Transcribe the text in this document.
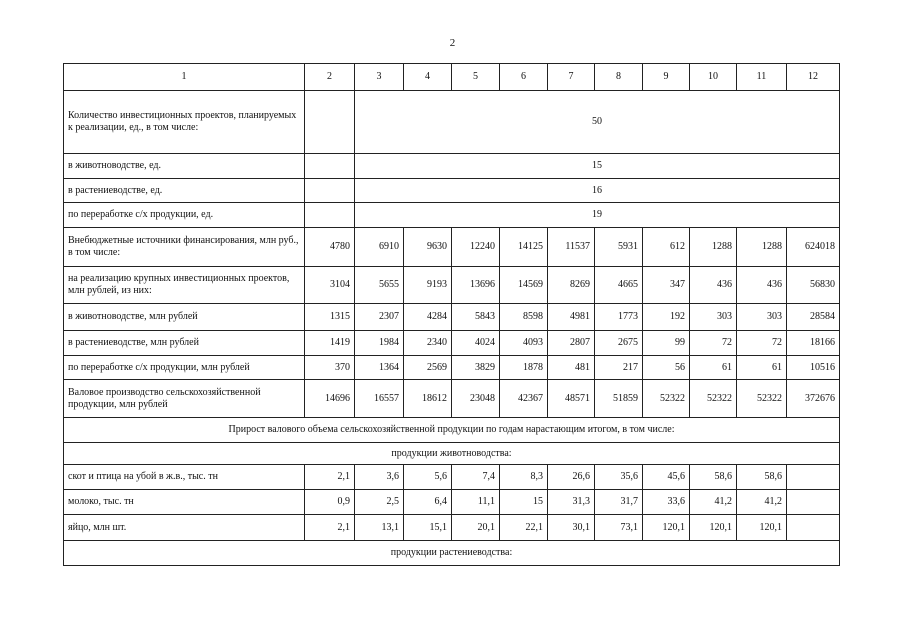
2
1	2	3	4	5	6	7	8	9	10	11	12
Количество инвестиционных проектов, планируемых к реализации, ед., в том числе:		50									
в животноводстве, ед.		15									
в растениеводстве, ед.		16									
по переработке с/х продукции, ед.		19									
Внебюджетные источники финансирования, млн руб., в том числе:	4780	6910	9630	12240	14125	11537	5931	612	1288	1288	624018
на реализацию крупных инвестиционных проектов, млн рублей, из них:	3104	5655	9193	13696	14569	8269	4665	347	436	436	56830
в животноводстве, млн рублей	1315	2307	4284	5843	8598	4981	1773	192	303	303	28584
в растениеводстве, млн рублей	1419	1984	2340	4024	4093	2807	2675	99	72	72	18166
по переработке с/х продукции, млн рублей	370	1364	2569	3829	1878	481	217	56	61	61	10516
Валовое производство сельскохозяйственной продукции, млн рублей	14696	16557	18612	23048	42367	48571	51859	52322	52322	52322	372676
Прирост валового объема сельскохозяйственной продукции по годам нарастающим итогом, в том числе:											
продукции животноводства:											
скот и птица на убой в ж.в., тыс. тн	2,1	3,6	5,6	7,4	8,3	26,6	35,6	45,6	58,6	58,6	
молоко, тыс. тн	0,9	2,5	6,4	11,1	15	31,3	31,7	33,6	41,2	41,2	
яйцо, млн шт.	2,1	13,1	15,1	20,1	22,1	30,1	73,1	120,1	120,1	120,1	
продукции растениеводства:											
